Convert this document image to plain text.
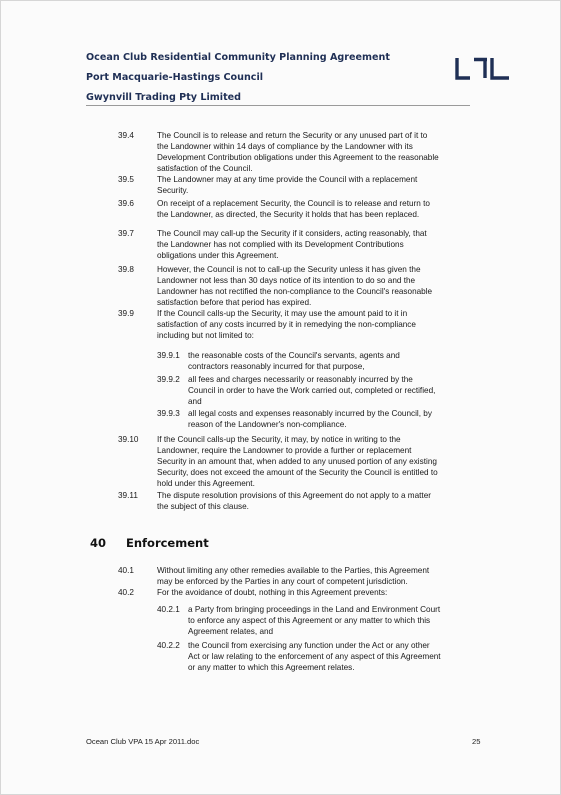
Ocean Club Residential Community Planning Agreement
Port Macquarie-Hastings Council
Gwynvill Trading Pty Limited
39.4	The Council is to release and return the Security or any unused part of it to
the Landowner within 14 days of compliance by the Landowner with its
Development Contribution obligations under this Agreement to the reasonable
satisfaction of the Council.
39.5	The Landowner may at any time provide the Council with a replacement
Security.
39.6	On receipt of a replacement Security, the Council is to release and return to
the Landowner, as directed, the Security it holds that has been replaced.
39.7	The Council may call-up the Security if it considers, acting reasonably, that
the Landowner has not complied with its Development Contributions
obligations under this Agreement.
39.8	However, the Council is not to call-up the Security unless it has given the
Landowner not less than 30 days notice of its intention to do so and the
Landowner has not rectified the non-compliance to the Council's reasonable
satisfaction before that period has expired.
39.9	If the Council calls-up the Security, it may use the amount paid to it in
satisfaction of any costs incurred by it in remedying the non-compliance
including but not limited to:
39.9.1 the reasonable costs of the Council's servants, agents and
contractors reasonably incurred for that purpose,
39.9.2 all fees and charges necessarily or reasonably incurred by the
Council in order to have the Work carried out, completed or rectified,
and
39.9.3 all legal costs and expenses reasonably incurred by the Council, by
reason of the Landowner's non-compliance.
39.10 If the Council calls-up the Security, it may, by notice in writing to the
Landowner, require the Landowner to provide a further or replacement
Security in an amount that, when added to any unused portion of any existing
Security, does not exceed the amount of the Security the Council is entitled to
hold under this Agreement.
39.11 The dispute resolution provisions of this Agreement do not apply to a matter
the subject of this clause.
40 Enforcement
40.1	Without limiting any other remedies available to the Parties, this Agreement
may be enforced by the Parties in any court of competent jurisdiction.
40.2	For the avoidance of doubt, nothing in this Agreement prevents:
40.2.1 a Party from bringing proceedings in the Land and Environment Court
to enforce any aspect of this Agreement or any matter to which this
Agreement relates, and
40.2.2 the Council from exercising any function under the Act or any other
Act or law relating to the enforcement of any aspect of this Agreement
or any matter to which this Agreement relates.
Ocean Club VPA 15 Apr 2011.doc	25
